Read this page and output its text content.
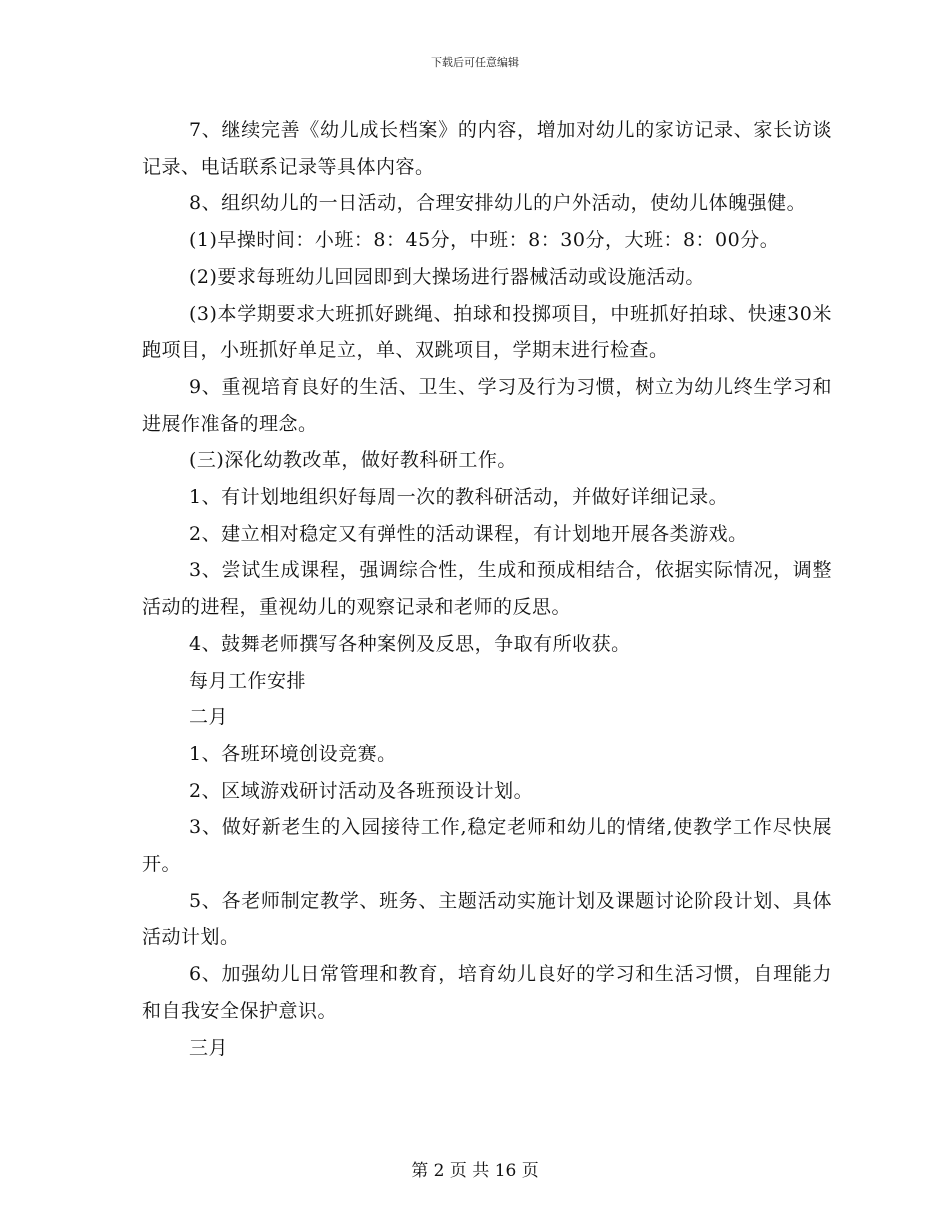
下载后可任意编辑

7、继续完善《幼儿成长档案》的内容，增加对幼儿的家访记录、家长访谈记录、电话联系记录等具体内容。

8、组织幼儿的一日活动，合理安排幼儿的户外活动，使幼儿体魄强健。

(1)早操时间：小班：8：45分，中班：8：30分，大班：8：00分。

(2)要求每班幼儿回园即到大操场进行器械活动或设施活动。

(3)本学期要求大班抓好跳绳、拍球和投掷项目，中班抓好拍球、快速30米跑项目，小班抓好单足立，单、双跳项目，学期末进行检查。

9、重视培育良好的生活、卫生、学习及行为习惯，树立为幼儿终生学习和进展作准备的理念。

(三)深化幼教改革，做好教科研工作。

1、有计划地组织好每周一次的教科研活动，并做好详细记录。

2、建立相对稳定又有弹性的活动课程，有计划地开展各类游戏。

3、尝试生成课程，强调综合性，生成和预成相结合，依据实际情况，调整活动的进程，重视幼儿的观察记录和老师的反思。

4、鼓舞老师撰写各种案例及反思，争取有所收获。

每月工作安排

二月

1、各班环境创设竞赛。

2、区域游戏研讨活动及各班预设计划。

3、做好新老生的入园接待工作,稳定老师和幼儿的情绪,使教学工作尽快展开。

5、各老师制定教学、班务、主题活动实施计划及课题讨论阶段计划、具体活动计划。

6、加强幼儿日常管理和教育，培育幼儿良好的学习和生活习惯，自理能力和自我安全保护意识。

三月

第 2 页 共 16 页
